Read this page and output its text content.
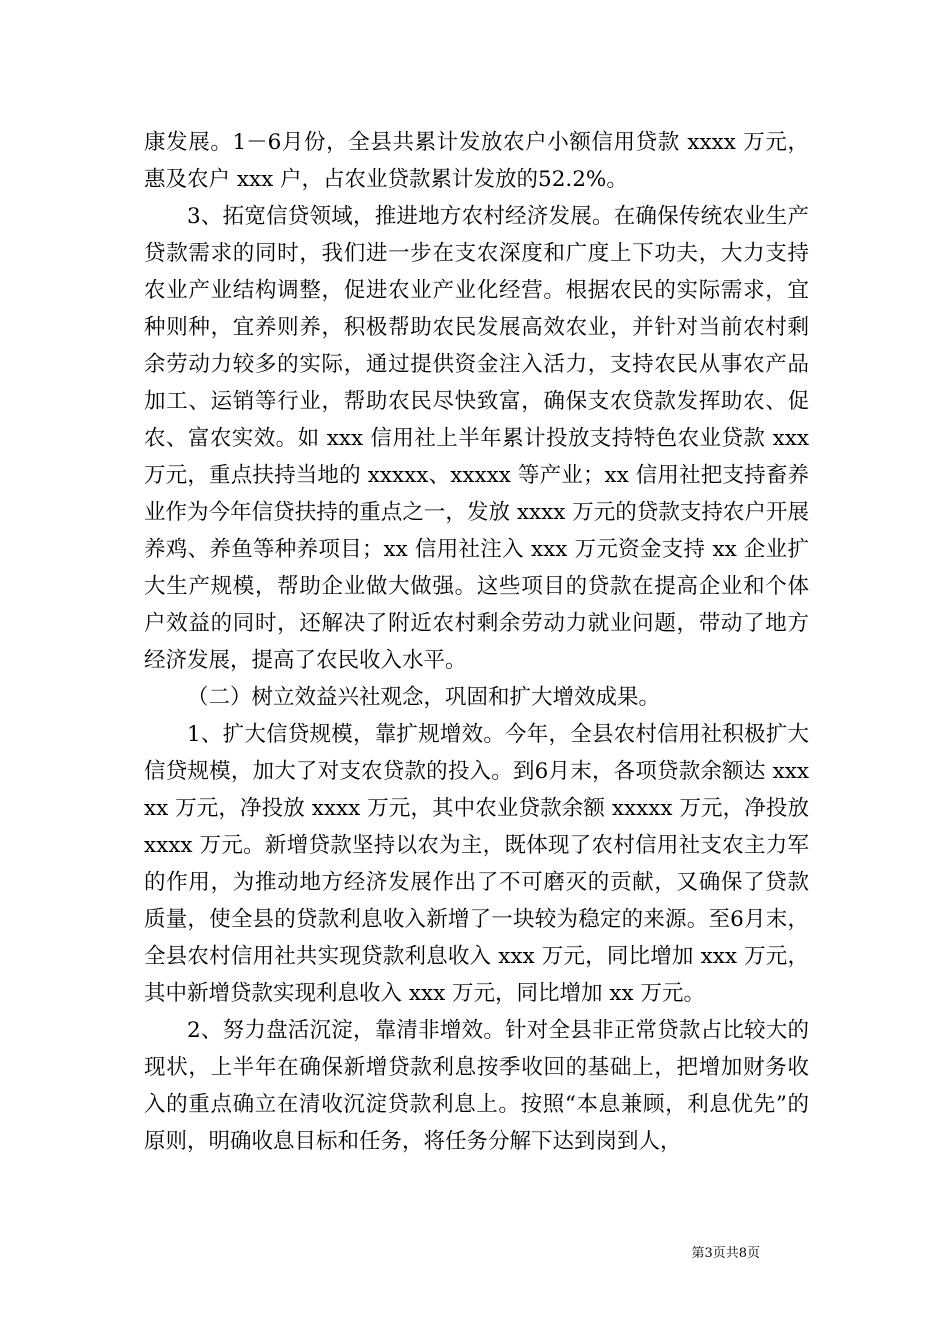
康发展。1－6月份，全县共累计发放农户小额信用贷款 xxxx 万元，惠及农户 xxx 户，占农业贷款累计发放的52.2%。

3、拓宽信贷领域，推进地方农村经济发展。在确保传统农业生产贷款需求的同时，我们进一步在支农深度和广度上下功夫，大力支持农业产业结构调整，促进农业产业化经营。根据农民的实际需求，宜种则种，宜养则养，积极帮助农民发展高效农业，并针对当前农村剩余劳动力较多的实际，通过提供资金注入活力，支持农民从事农产品加工、运销等行业，帮助农民尽快致富，确保支农贷款发挥助农、促农、富农实效。如 xxx 信用社上半年累计投放支持特色农业贷款 xxx 万元，重点扶持当地的 xxxxx、xxxxx 等产业；xx 信用社把支持畜养业作为今年信贷扶持的重点之一，发放 xxxx 万元的贷款支持农户开展养鸡、养鱼等种养项目；xx 信用社注入 xxx 万元资金支持 xx 企业扩大生产规模，帮助企业做大做强。这些项目的贷款在提高企业和个体户效益的同时，还解决了附近农村剩余劳动力就业问题，带动了地方经济发展，提高了农民收入水平。

（二）树立效益兴社观念，巩固和扩大增效成果。

1、扩大信贷规模，靠扩规增效。今年，全县农村信用社积极扩大信贷规模，加大了对支农贷款的投入。到6月末，各项贷款余额达 xxxxx 万元，净投放 xxxx 万元，其中农业贷款余额 xxxxx 万元，净投放 xxxx 万元。新增贷款坚持以农为主，既体现了农村信用社支农主力军的作用，为推动地方经济发展作出了不可磨灭的贡献，又确保了贷款质量，使全县的贷款利息收入新增了一块较为稳定的来源。至6月末，全县农村信用社共实现贷款利息收入 xxx 万元，同比增加 xxx 万元，其中新增贷款实现利息收入 xxx 万元，同比增加 xx 万元。

2、努力盘活沉淀，靠清非增效。针对全县非正常贷款占比较大的现状，上半年在确保新增贷款利息按季收回的基础上，把增加财务收入的重点确立在清收沉淀贷款利息上。按照“本息兼顾，利息优先”的原则，明确收息目标和任务，将任务分解下达到岗到人，

第3页共8页
